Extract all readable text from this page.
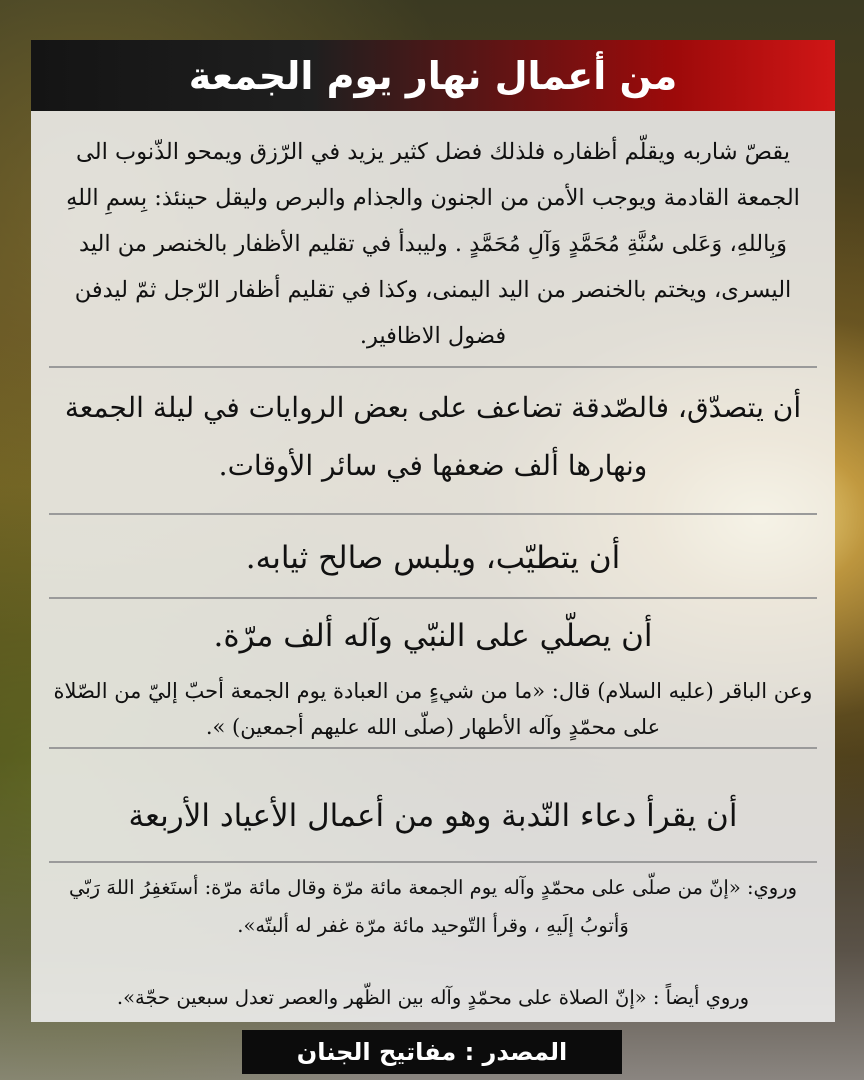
من أعمال نهار يوم الجمعة
يقصّ شاربه ويقلّم أظفاره فلذلك فضل كثير يزيد في الرّزق ويمحو الذّنوب الى الجمعة القادمة ويوجب الأمن من الجنون والجذام والبرص وليقل حينئذ: بِسمِ اللهِ وَبِاللهِ، وَعَلى سُنَّةِ مُحَمَّدٍ وَآلِ مُحَمَّدٍ . وليبدأ في تقليم الأظفار بالخنصر من اليد اليسرى، ويختم بالخنصر من اليد اليمنى، وكذا في تقليم أظفار الرّجل ثمّ ليدفن فضول الاظافير.
أن يتصدّق، فالصّدقة تضاعف على بعض الروايات في ليلة الجمعة ونهارها ألف ضعفها في سائر الأوقات.
أن يتطيّب، ويلبس صالح ثيابه.
أن يصلّي على النبّي وآله ألف مرّة.
وعن الباقر (عليه السلام) قال: «ما من شيءٍ من العبادة يوم الجمعة أحبّ إليّ من الصّلاة على محمّدٍ وآله الأطهار (صلّى الله عليهم أجمعين) ».
أن يقرأ دعاء النّدبة وهو من أعمال الأعياد الأربعة
وروي: «إنّ من صلّى على محمّدٍ وآله يوم الجمعة مائة مرّة وقال مائة مرّة: أستَغفِرُ اللهَ رَبّي وَأتوبُ إلَيهِ ، وقرأ التّوحيد مائة مرّة غفر له ألبتّه».
وروي أيضاً : «إنّ الصلاة على محمّدٍ وآله بين الظّهر والعصر تعدل سبعين حجّة».
المصدر : مفاتيح الجنان
